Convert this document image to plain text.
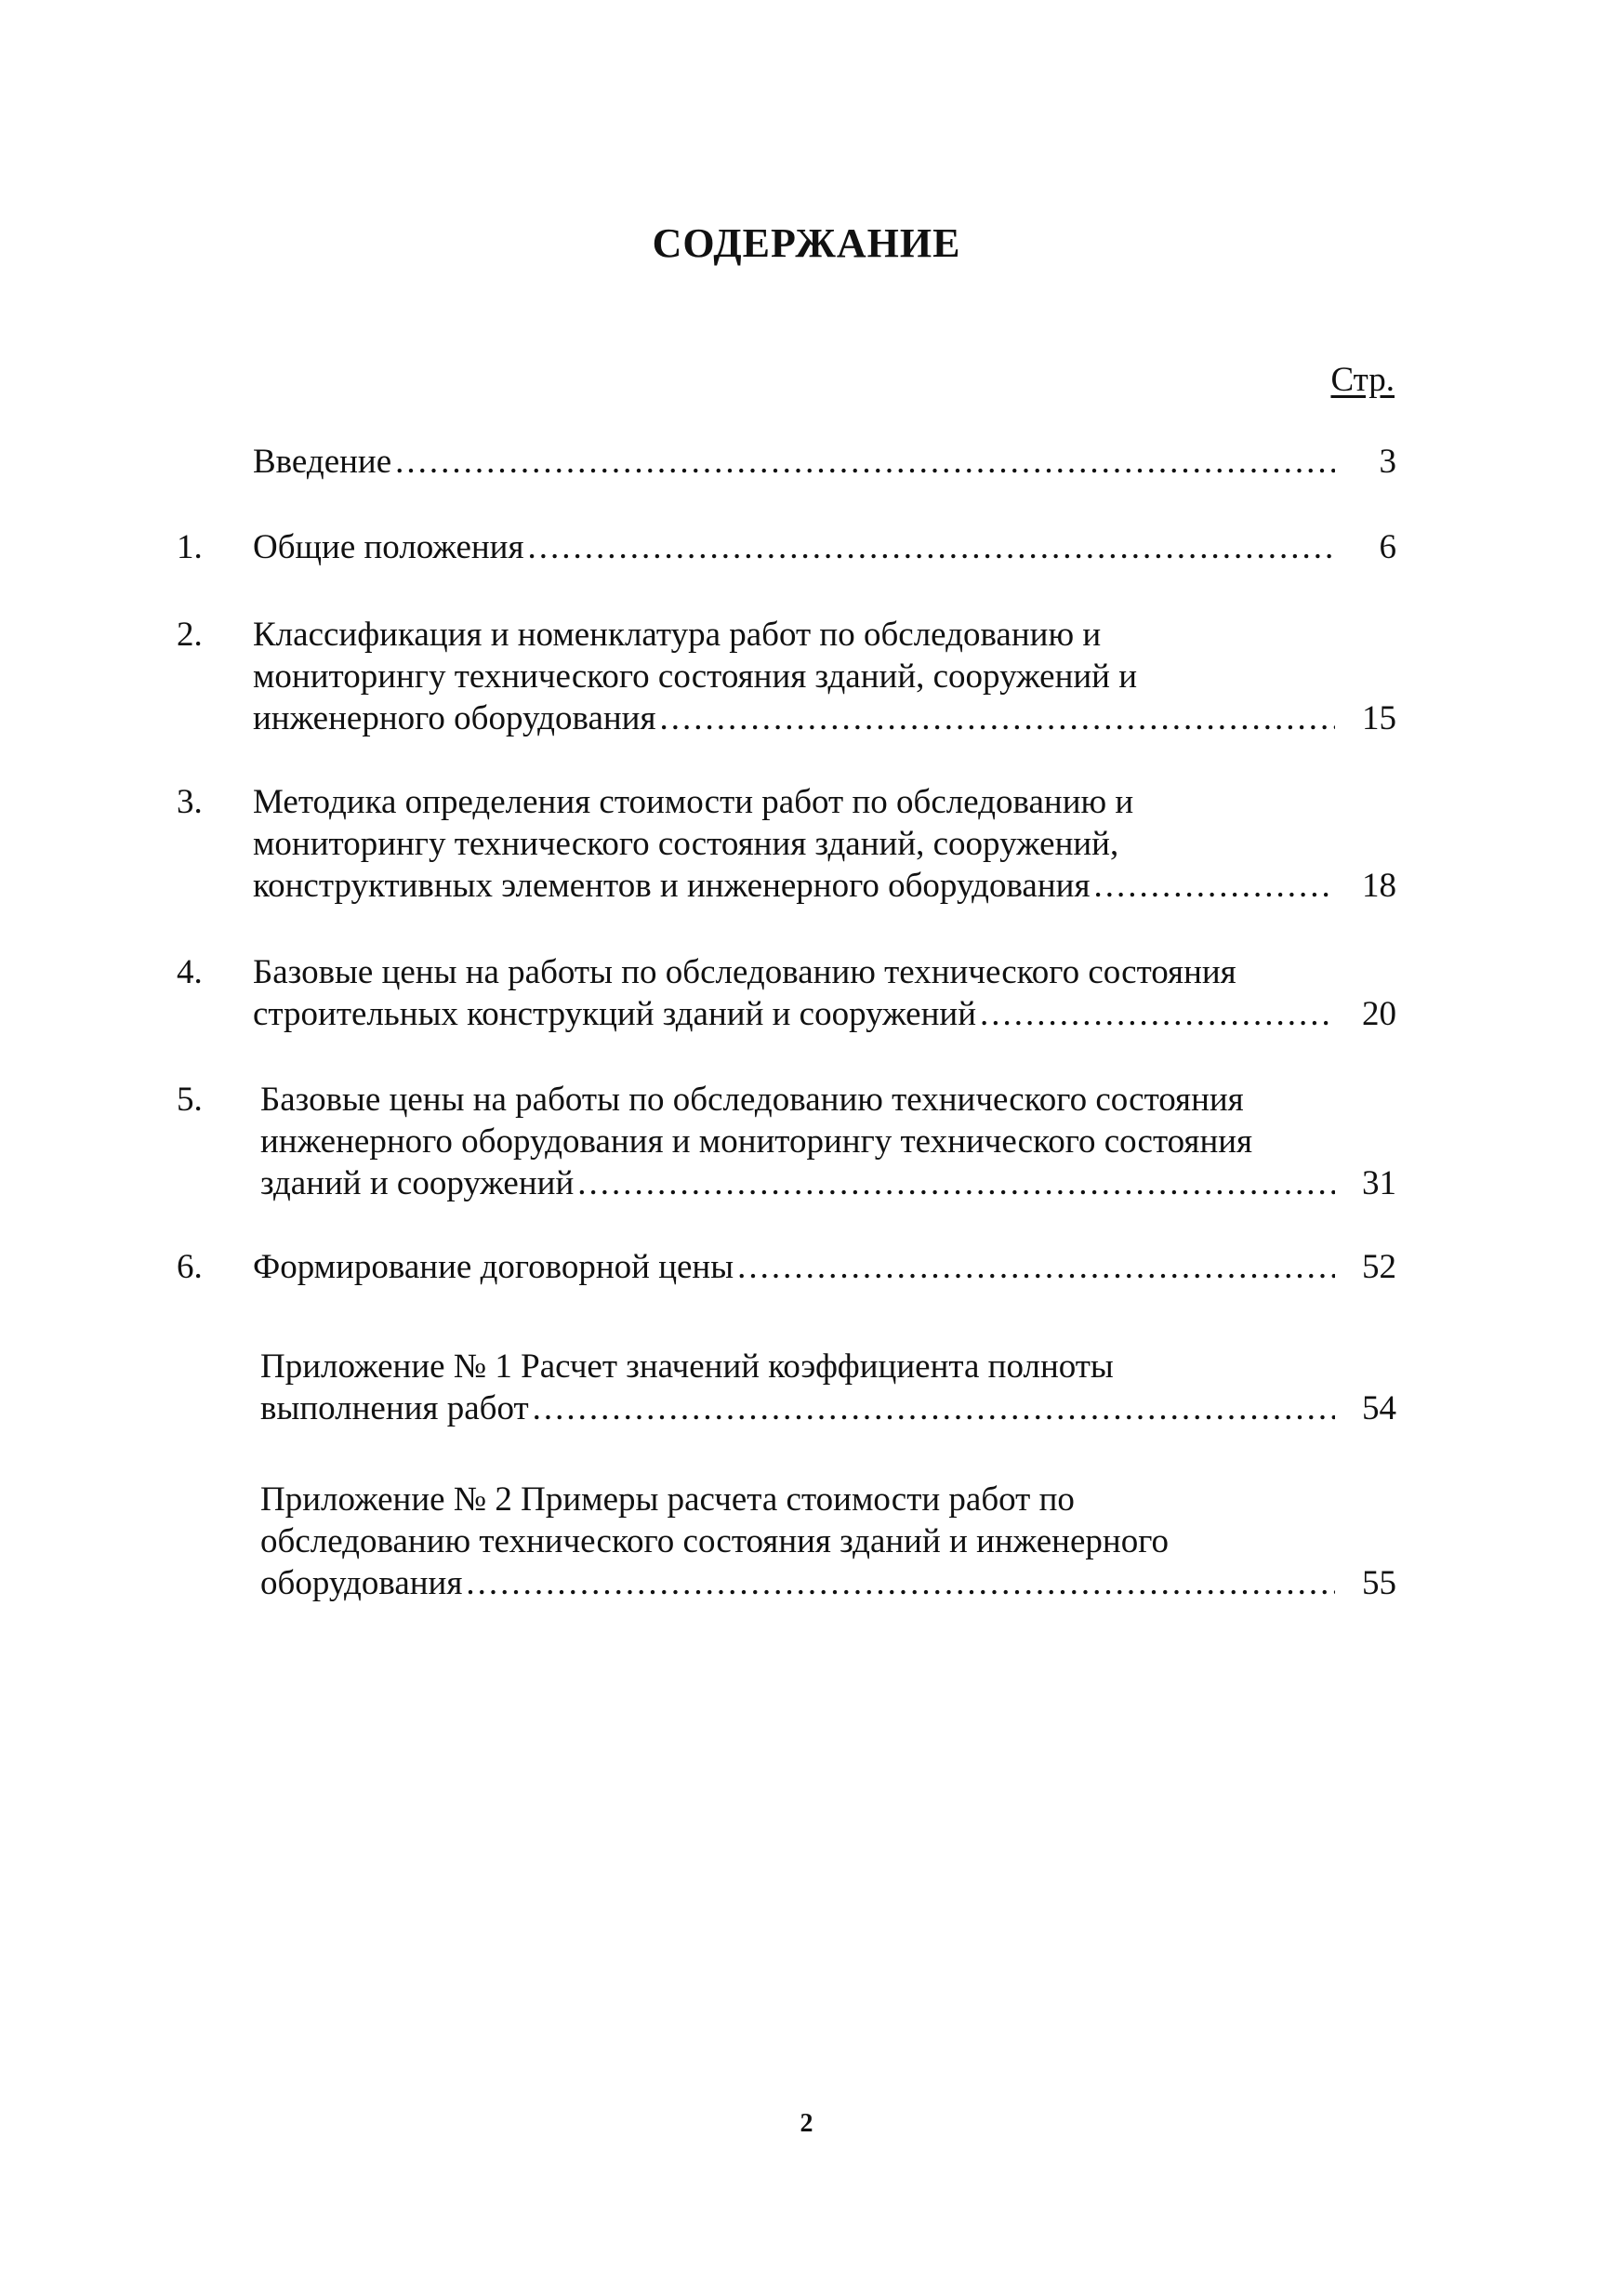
СОДЕРЖАНИЕ
Стр.
Введение .....	3
1.	Общие положения .....	6
2.	Классификация и номенклатура работ по обследованию и
мониторингу технического состояния зданий, сооружений и
инженерного оборудования .....	15
3.	Методика определения стоимости работ по обследованию и
мониторингу технического состояния зданий, сооружений,
конструктивных элементов и инженерного оборудования .....	18
4.	Базовые цены на работы по обследованию технического состояния
строительных конструкций зданий и сооружений .....	20
5.	Базовые цены на работы по обследованию технического состояния
инженерного оборудования и мониторингу технического состояния
зданий и сооружений .....	31
6.	Формирование договорной цены .....	52
Приложение № 1 Расчет значений коэффициента полноты
выполнения работ .....	54
Приложение № 2 Примеры расчета стоимости работ по
обследованию технического состояния зданий и инженерного
оборудования .....	55
2
